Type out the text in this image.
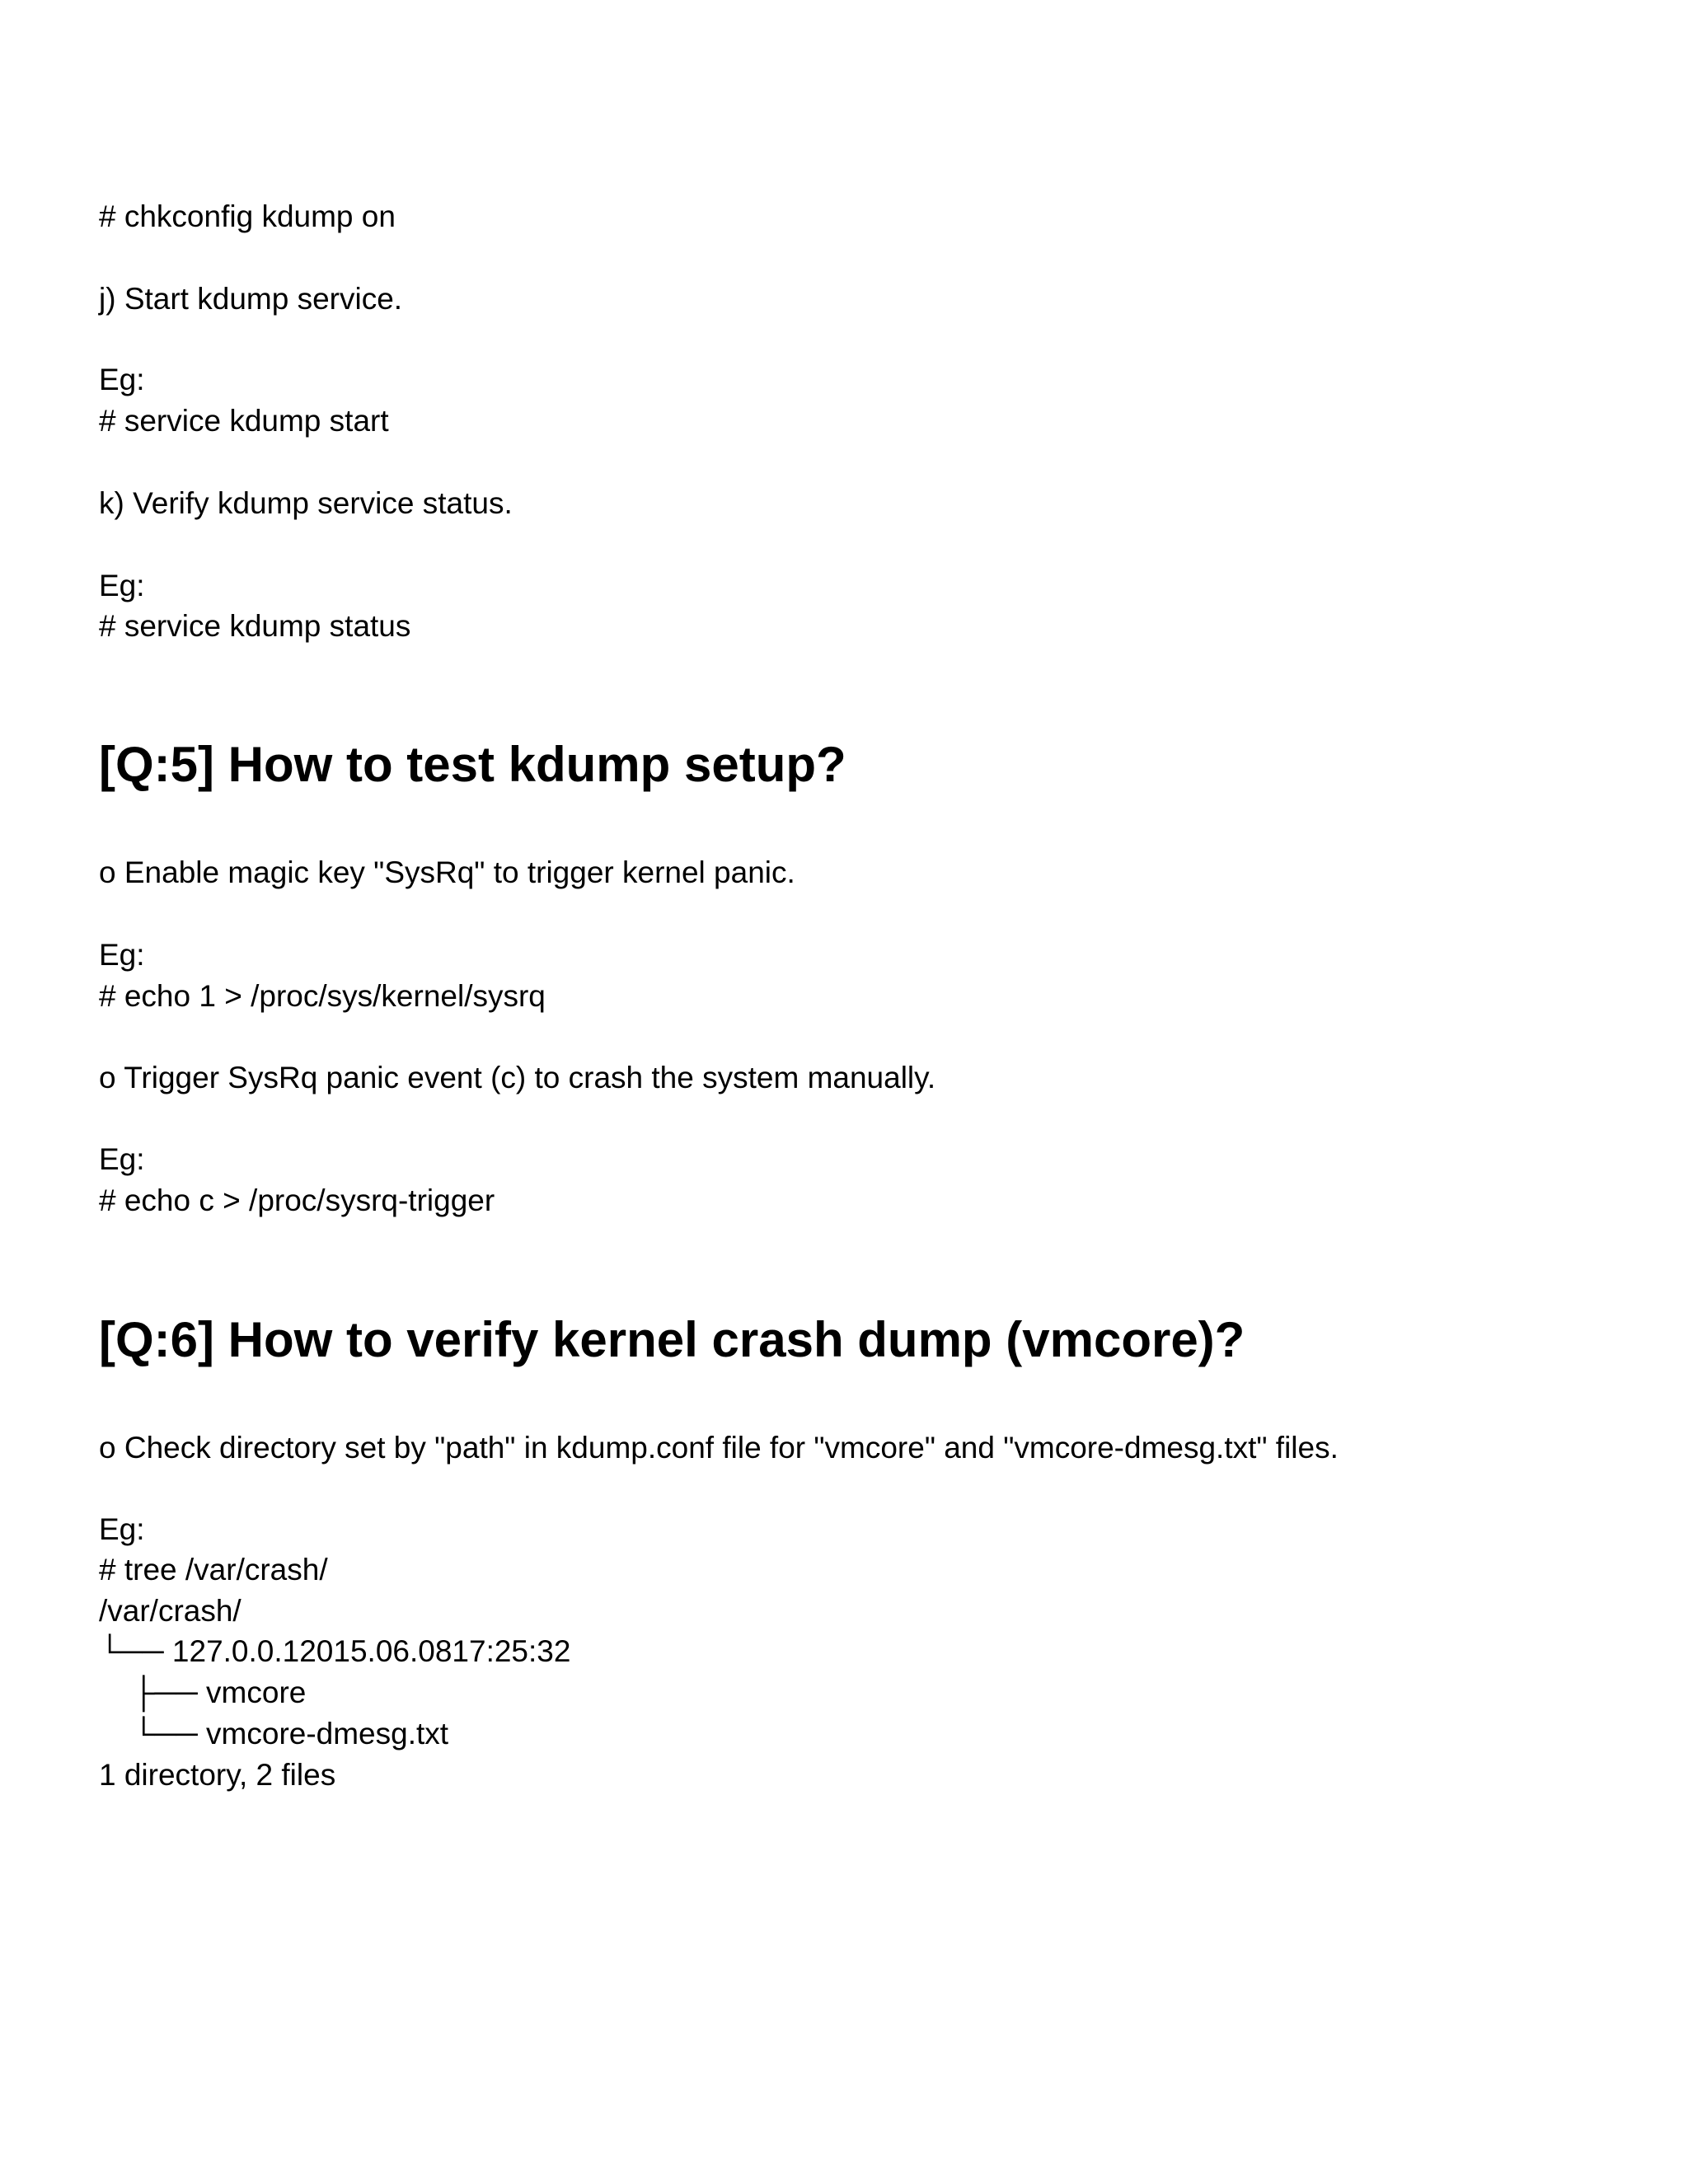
# chkconfig kdump on

j) Start kdump service.

Eg:

# service kdump start

k) Verify kdump service status.

Eg:

# service kdump status

[Q:5] How to test kdump setup?

o Enable magic key "SysRq" to trigger kernel panic.

Eg:

# echo 1 > /proc/sys/kernel/sysrq

o Trigger SysRq panic event (c) to crash the system manually.

Eg:

# echo c > /proc/sysrq-trigger

[Q:6] How to verify kernel crash dump (vmcore)?

o Check directory set by "path" in kdump.conf file for "vmcore" and "vmcore-dmesg.txt" files.

Eg:

# tree /var/crash/

/var/crash/

└── 127.0.0.12015.06.0817:25:32

├── vmcore

└── vmcore-dmesg.txt

1 directory, 2 files
